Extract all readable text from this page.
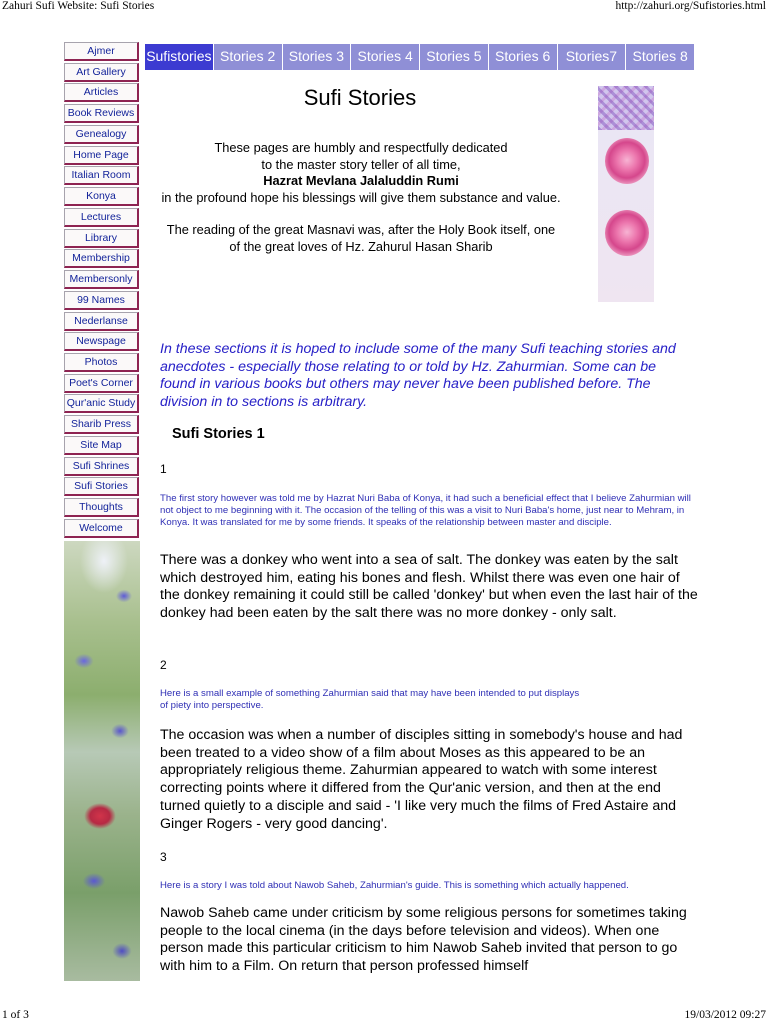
Zahuri Sufi Website: Sufi Stories	http://zahuri.org/Sufistories.html
Ajmer
Art Gallery
Articles
Book Reviews
Genealogy
Home Page
Italian Room
Konya
Lectures
Library
Membership
Membersonly
99 Names
Nederlanse
Newspage
Photos
Poet's Corner
Qur'anic Study
Sharib Press
Site Map
Sufi Shrines
Sufi Stories
Thoughts
Welcome
Sufistories Stories 2 Stories 3 Stories 4 Stories 5 Stories 6	Stories7	Stories 8
Sufi Stories

These pages are humbly and respectfully dedicated

to the master story teller of all time,

Hazrat Mevlana Jalaluddin Rumi

in the profound hope his blessings will give them substance and value.

The reading of the great Masnavi was, after the Holy Book itself, one of the great loves of Hz. Zahurul Hasan Sharib

In these sections it is hoped to include some of the many Sufi teaching stories and anecdotes - especially those relating to or told by Hz. Zahurmian. Some can be found in various books but others may never have been published before. The division in to sections is arbitrary.

Sufi Stories 1
1

The first story however was told me by Hazrat Nuri Baba of Konya, it had such a beneficial effect that I believe Zahurmian will not object to me beginning with it. The occasion of the telling of this was a visit to Nuri Baba's home, just near to Mehram, in Konya. It was translated for me by some friends. It speaks of the relationship between master and disciple.

There was a donkey who went into a sea of salt. The donkey was eaten by the salt which destroyed him, eating his bones and flesh. Whilst there was even one hair of the donkey remaining it could still be called 'donkey' but when even the last hair of the donkey had been eaten by the salt there was no more donkey - only salt.

2

Here is a small example of something Zahurmian said that may have been intended to put displays of piety into perspective.

The occasion was when a number of disciples sitting in somebody's house and had been treated to a video show of a film about Moses as this appeared to be an appropriately religious theme. Zahurmian appeared to watch with some interest correcting points where it differed from the Qur'anic version, and then at the end turned quietly to a disciple and said - 'I like very much the films of Fred Astaire and Ginger Rogers - very good dancing'.

3

Here is a story I was told about Nawob Saheb, Zahurmian's guide. This is something which actually happened.

Nawob Saheb came under criticism by some religious persons for sometimes taking people to the local cinema (in the days before television and videos). When one person made this particular criticism to him Nawob Saheb invited that person to go with him to a Film. On return that person professed himself

1 of 3	19/03/2012 09:27
